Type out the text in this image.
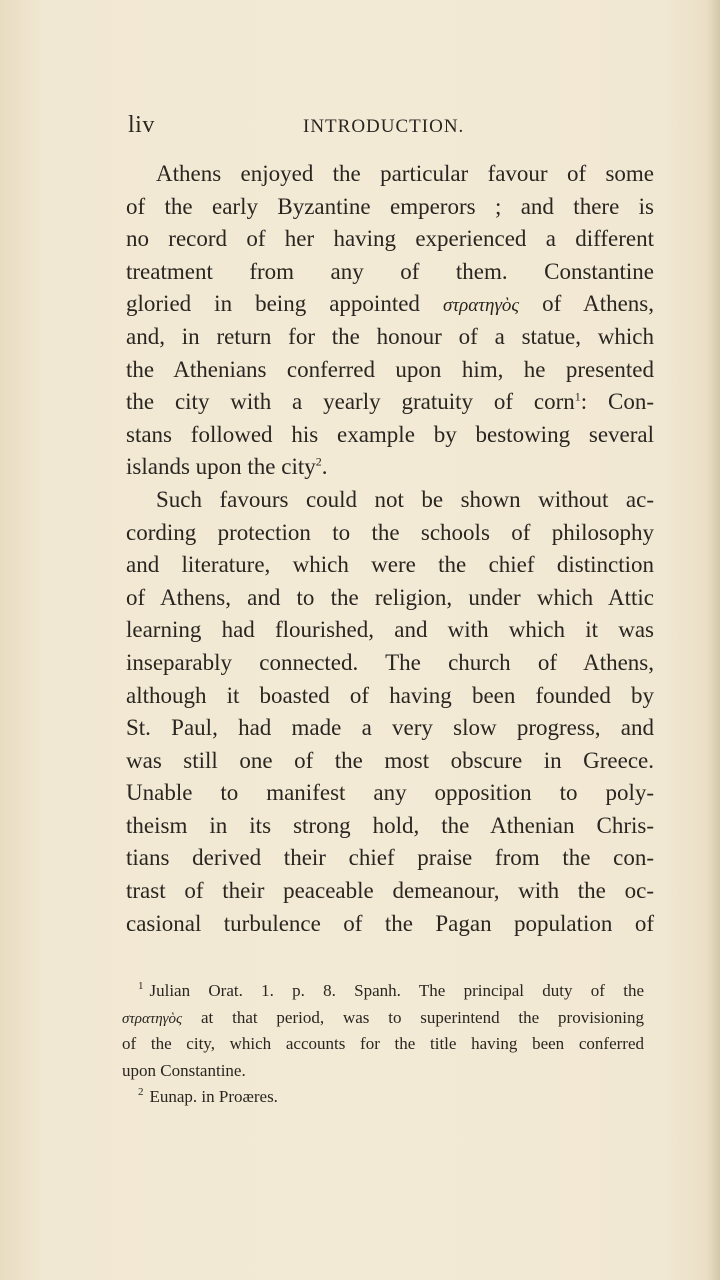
liv	INTRODUCTION.
Athens enjoyed the particular favour of some
of the early Byzantine emperors ; and there is
no record of her having experienced a different
treatment from any of them. Constantine
gloried in being appointed στρατηγὸς of Athens,
and, in return for the honour of a statue, which
the Athenians conferred upon him, he presented
the city with a yearly gratuity of corn$^1$: Con-
stans followed his example by bestowing several
islands upon the city$^2$.
Such favours could not be shown without ac-
cording protection to the schools of philosophy
and literature, which were the chief distinction
of Athens, and to the religion, under which Attic
learning had flourished, and with which it was
inseparably connected. The church of Athens,
although it boasted of having been founded by
St. Paul, had made a very slow progress, and
was still one of the most obscure in Greece.
Unable to manifest any opposition to poly-
theism in its strong hold, the Athenian Chris-
tians derived their chief praise from the con-
trast of their peaceable demeanour, with the oc-
casional turbulence of the Pagan population of
$^1$ Julian Orat. 1. p. 8. Spanh. The principal duty of the
στρατηγὸς at that period, was to superintend the provisioning
of the city, which accounts for the title having been conferred
upon Constantine.
$^2$ Eunap. in Proæres.
